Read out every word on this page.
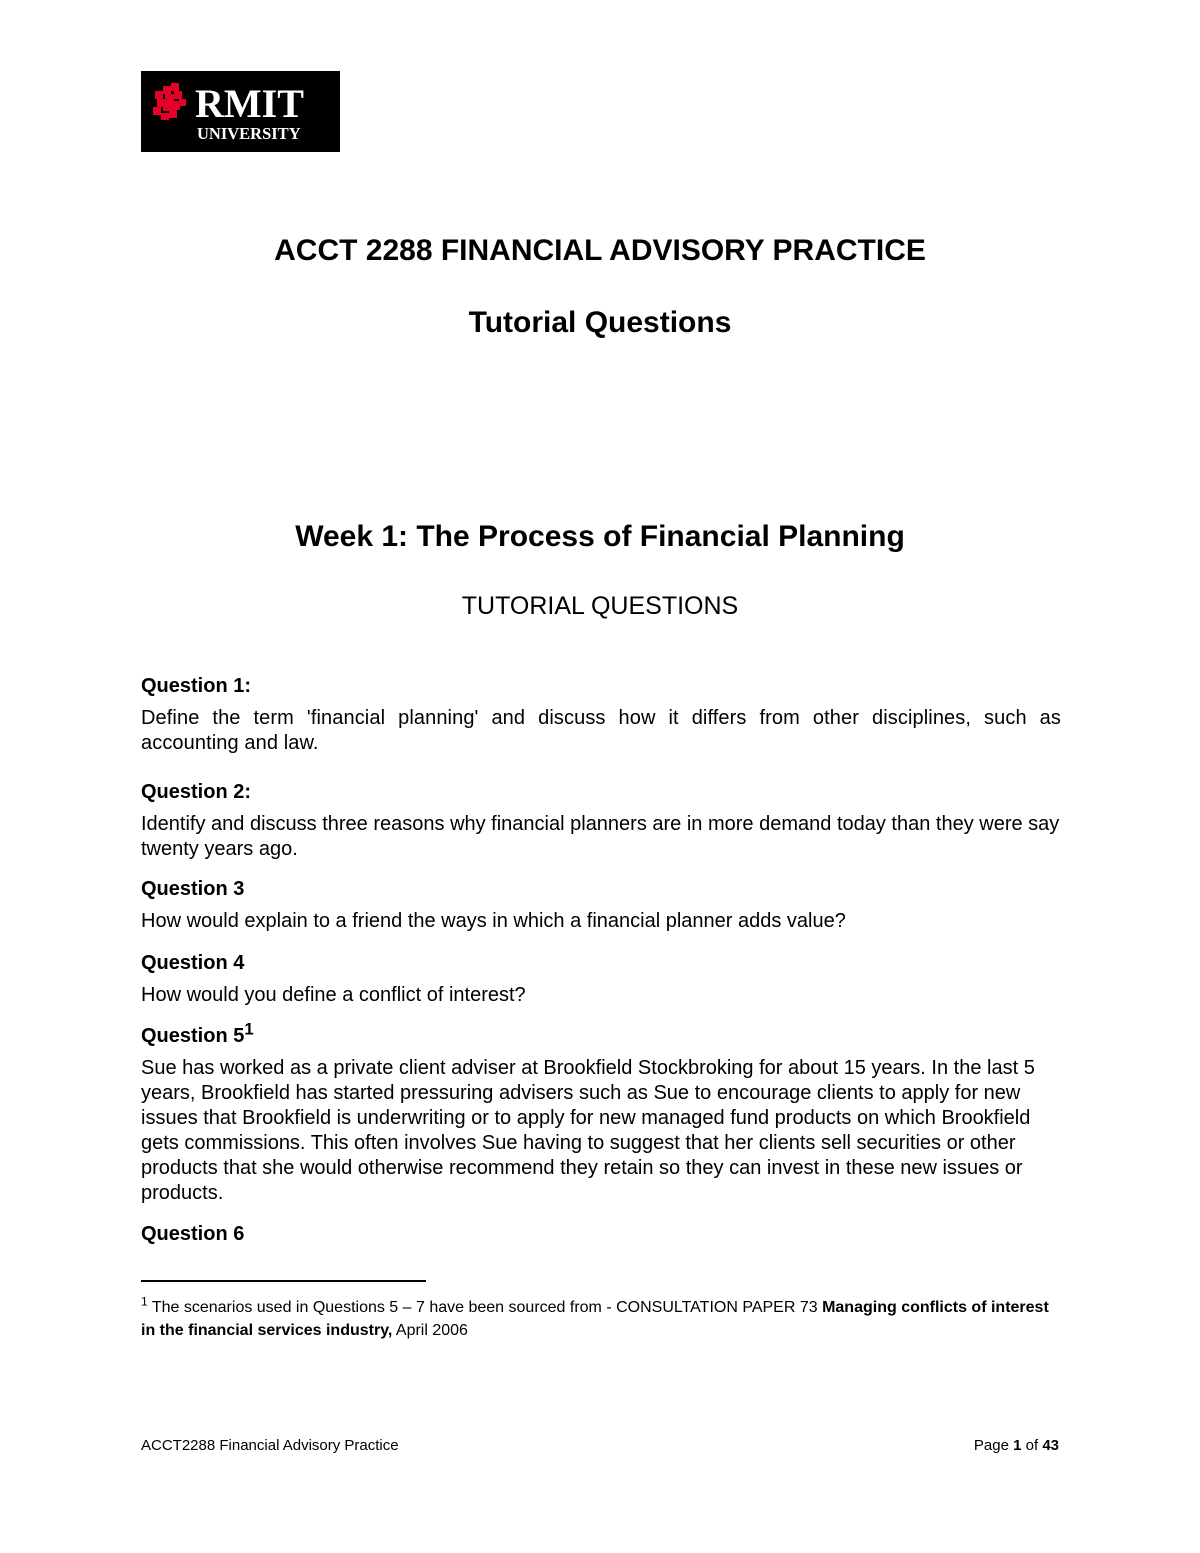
RMIT
UNIVERSITY
ACCT 2288 FINANCIAL ADVISORY PRACTICE
Tutorial Questions
Week 1: The Process of Financial Planning
TUTORIAL QUESTIONS

Question 1:

Define the term 'financial planning' and discuss how it differs from other disciplines, such as accounting and law.

Question 2:

Identify and discuss three reasons why financial planners are in more demand today than they were say twenty years ago.

Question 3

How would explain to a friend the ways in which a financial planner adds value?

Question 4

How would you define a conflict of interest?

Question $5^1$

Sue has worked as a private client adviser at Brookfield Stockbroking for about 15 years. In the last 5 years, Brookfield has started pressuring advisers such as Sue to encourage clients to apply for new issues that Brookfield is underwriting or to apply for new managed fund products on which Brookfield gets commissions. This often involves Sue having to suggest that her clients sell securities or other products that she would otherwise recommend they retain so they can invest in these new issues or products.

Question 6

$^1$ The scenarios used in Questions 5 – 7 have been sourced from - CONSULTATION PAPER 73 Managing conflicts of interest in the financial services industry, April 2006
ACCT2288 Financial Advisory Practice	Page 1 of 43
